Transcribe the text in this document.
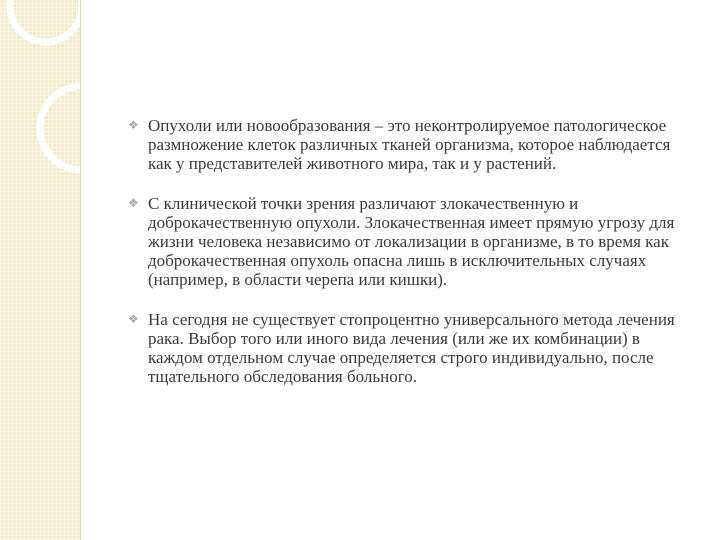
❖ Опухоли или новообразования – это неконтролируемое патологическое размножение клеток различных тканей организма, которое наблюдается как у представителей животного мира, так и у растений.
❖ С клинической точки зрения различают злокачественную и доброкачественную опухоли. Злокачественная имеет прямую угрозу для жизни человека независимо от локализации в организме, в то время как доброкачественная опухоль опасна лишь в исключительных случаях (например, в области черепа или кишки).
❖ На сегодня не существует стопроцентно универсального метода лечения рака. Выбор того или иного вида лечения (или же их комбинации) в каждом отдельном случае определяется строго индивидуально, после тщательного обследования больного.
